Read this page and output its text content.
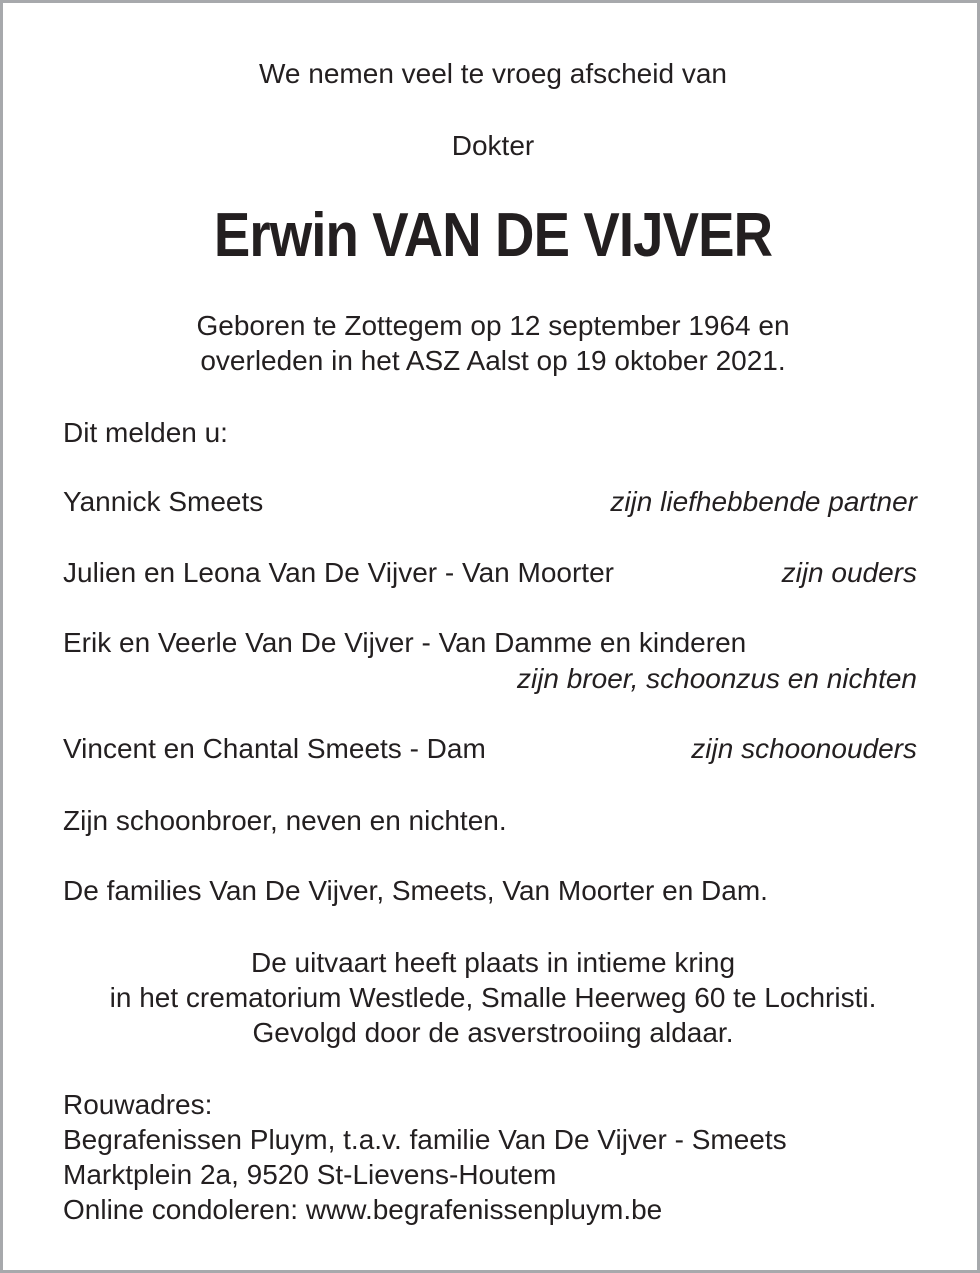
We nemen veel te vroeg afscheid van
Dokter
Erwin VAN DE VIJVER
Geboren te Zottegem op 12 september 1964 en
overleden in het ASZ Aalst op 19 oktober 2021.
Dit melden u:
Yannick Smeets	zijn liefhebbende partner
Julien en Leona Van De Vijver - Van Moorter	zijn ouders
Erik en Veerle Van De Vijver - Van Damme en kinderen
zijn broer, schoonzus en nichten
Vincent en Chantal Smeets - Dam	zijn schoonouders
Zijn schoonbroer, neven en nichten.
De families Van De Vijver, Smeets, Van Moorter en Dam.
De uitvaart heeft plaats in intieme kring
in het crematorium Westlede, Smalle Heerweg 60 te Lochristi.
Gevolgd door de asverstrooiing aldaar.
Rouwadres:
Begrafenissen Pluym, t.a.v. familie Van De Vijver - Smeets
Marktplein 2a, 9520 St-Lievens-Houtem
Online condoleren: www.begrafenissenpluym.be
